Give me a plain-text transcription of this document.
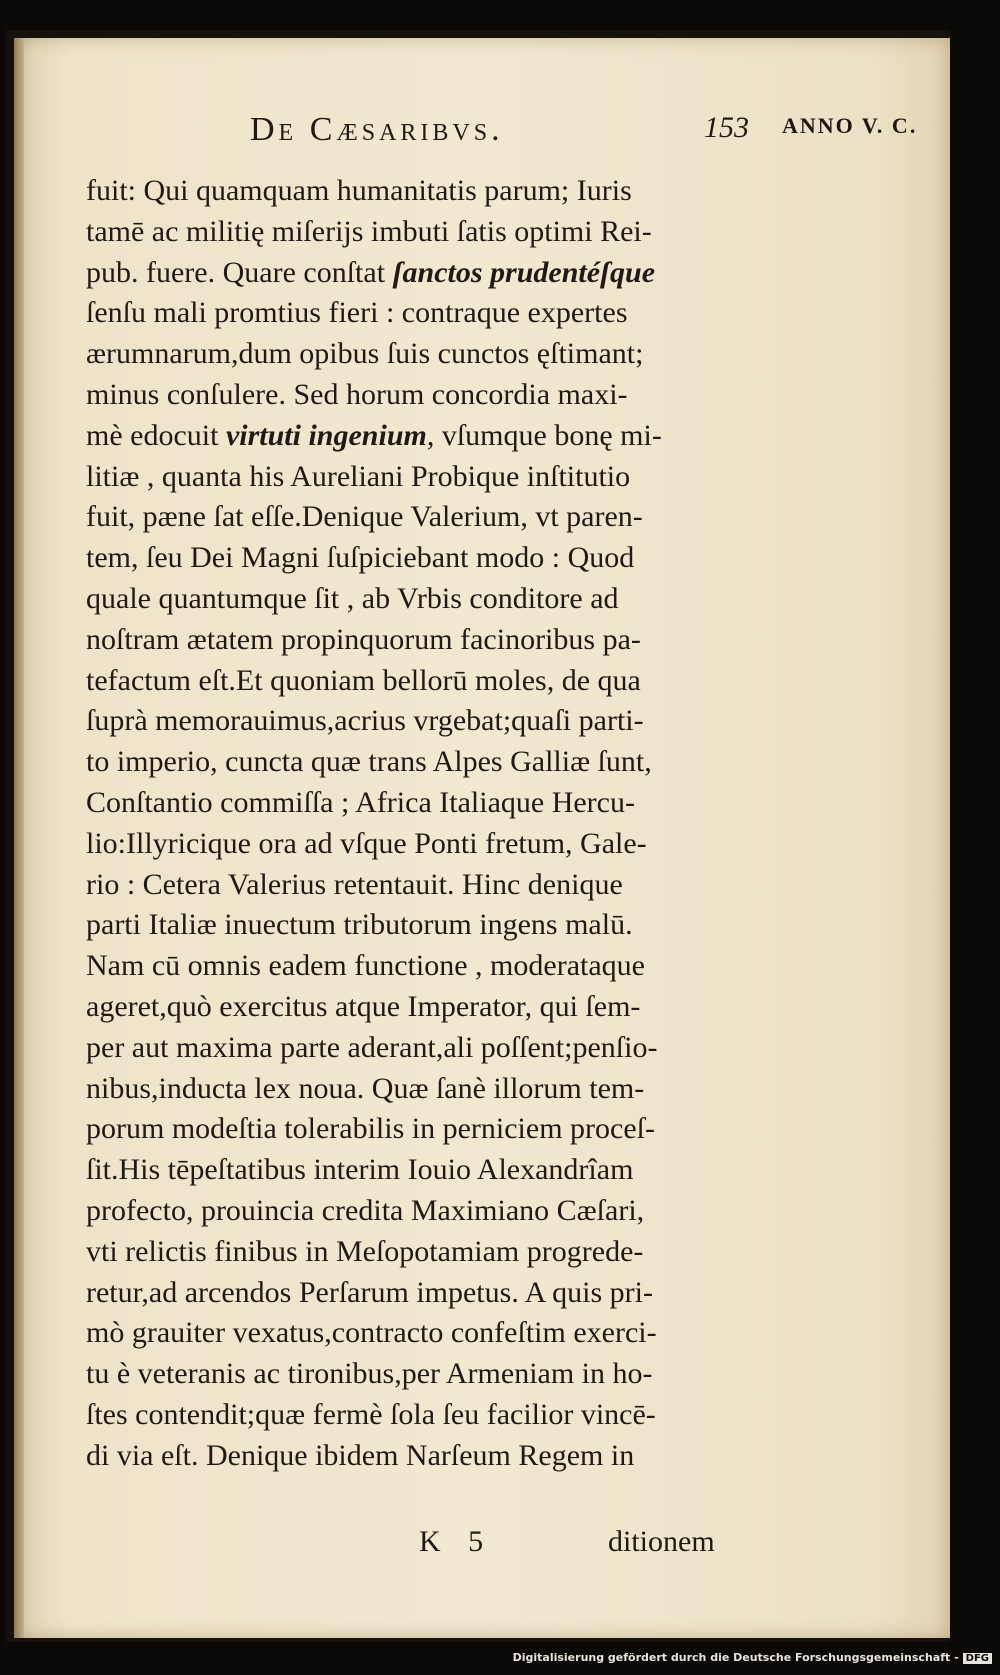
De Cæsaribvs.	153 ANNO V. C.
fuit: Qui quamquam humanitatis parum; Iuris
tamē ac militię miſerijs imbuti ſatis optimi Rei-
pub. fuere. Quare conſtat ſanctos prudentéſque
ſenſu mali promtius fieri : contraque expertes
ærumnarum,dum opibus ſuis cunctos ęſtimant;
minus conſulere. Sed horum concordia maxi-
mè edocuit virtuti ingenium, vſumque bonę mi-
litiæ , quanta his Aureliani Probique inſtitutio
fuit, pæne ſat eſſe.Denique Valerium, vt paren-
tem, ſeu Dei Magni ſuſpiciebant modo : Quod
quale quantumque ſit , ab Vrbis conditore ad
noſtram ætatem propinquorum facinoribus pa-
tefactum eſt.Et quoniam bellorū moles, de qua
ſuprà memorauimus,acrius vrgebat;quaſi parti-
to imperio, cuncta quæ trans Alpes Galliæ ſunt,
Conſtantio commiſſa ; Africa Italiaque Hercu-
lio:Illyricique ora ad vſque Ponti fretum, Gale-
rio : Cetera Valerius retentauit. Hinc denique
parti Italiæ inuectum tributorum ingens malū.
Nam cū omnis eadem functione , moderataque
ageret,quò exercitus atque Imperator, qui ſem-
per aut maxima parte aderant,ali poſſent;penſio-
nibus,inducta lex noua. Quæ ſanè illorum tem-
porum modeſtia tolerabilis in perniciem proceſ-
ſit.His tēpeſtatibus interim Iouio Alexandrîam
profecto, prouincia credita Maximiano Cæſari,
vti relictis finibus in Meſopotamiam progrede-
retur,ad arcendos Perſarum impetus. A quis pri-
mò grauiter vexatus,contracto confeſtim exerci-
tu è veteranis ac tironibus,per Armeniam in ho-
ſtes contendit;quæ fermè ſola ſeu facilior vincē-
di via eſt. Denique ibidem Narſeum Regem in
K 5	ditionem
Digitalisierung gefördert durch die Deutsche Forschungsgemeinschaft - DFG
